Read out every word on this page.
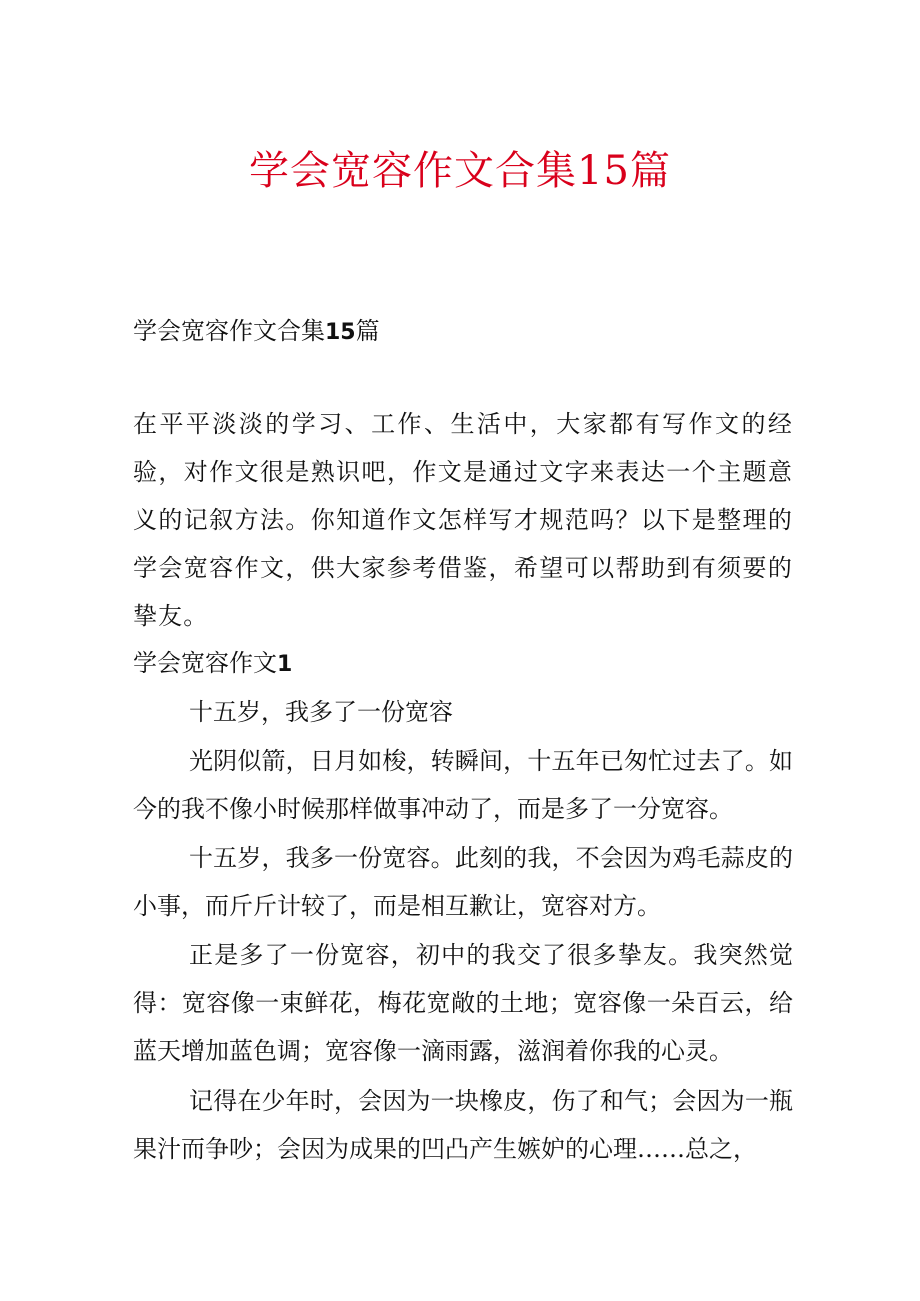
学会宽容作文合集15篇

学会宽容作文合集15篇

在平平淡淡的学习、工作、生活中，大家都有写作文的经验，对作文很是熟识吧，作文是通过文字来表达一个主题意义的记叙方法。你知道作文怎样写才规范吗？以下是整理的学会宽容作文，供大家参考借鉴，希望可以帮助到有须要的挚友。

学会宽容作文1

十五岁，我多了一份宽容

光阴似箭，日月如梭，转瞬间，十五年已匆忙过去了。如今的我不像小时候那样做事冲动了，而是多了一分宽容。

十五岁，我多一份宽容。此刻的我，不会因为鸡毛蒜皮的小事，而斤斤计较了，而是相互歉让，宽容对方。

正是多了一份宽容，初中的我交了很多挚友。我突然觉得：宽容像一束鲜花，梅花宽敞的土地；宽容像一朵百云，给蓝天增加蓝色调；宽容像一滴雨露，滋润着你我的心灵。

记得在少年时，会因为一块橡皮，伤了和气；会因为一瓶果汁而争吵；会因为成果的凹凸产生嫉妒的心理……总之，
